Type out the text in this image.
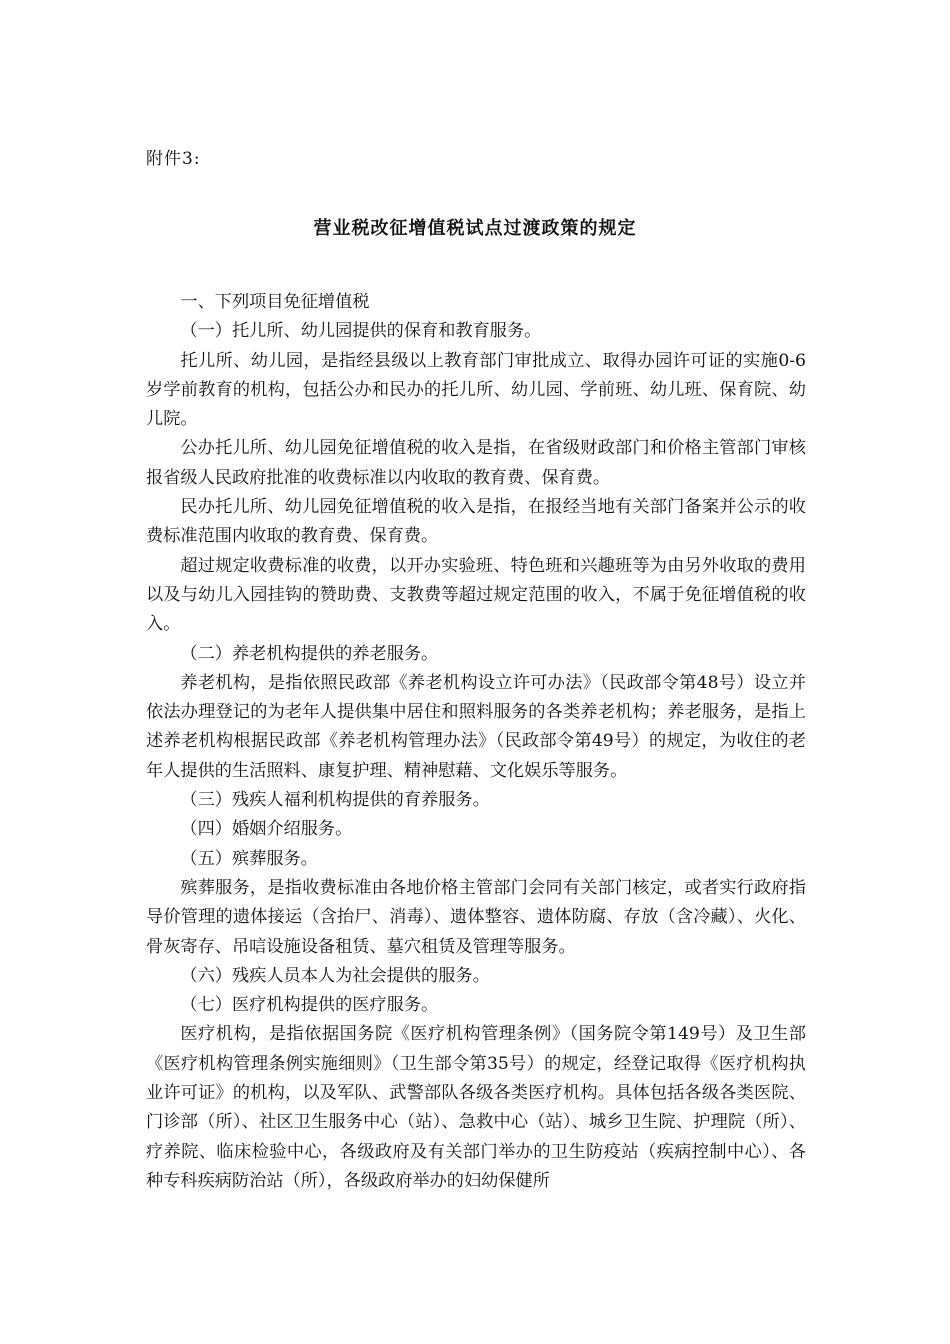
附件3:
营业税改征增值税试点过渡政策的规定

一、下列项目免征增值税

（一）托儿所、幼儿园提供的保育和教育服务。

托儿所、幼儿园，是指经县级以上教育部门审批成立、取得办园许可证的实施0-6岁学前教育的机构，包括公办和民办的托儿所、幼儿园、学前班、幼儿班、保育院、幼儿院。

公办托儿所、幼儿园免征增值税的收入是指，在省级财政部门和价格主管部门审核报省级人民政府批准的收费标准以内收取的教育费、保育费。

民办托儿所、幼儿园免征增值税的收入是指，在报经当地有关部门备案并公示的收费标准范围内收取的教育费、保育费。

超过规定收费标准的收费，以开办实验班、特色班和兴趣班等为由另外收取的费用以及与幼儿入园挂钩的赞助费、支教费等超过规定范围的收入，不属于免征增值税的收入。

（二）养老机构提供的养老服务。

养老机构，是指依照民政部《养老机构设立许可办法》（民政部令第48号）设立并依法办理登记的为老年人提供集中居住和照料服务的各类养老机构；养老服务，是指上述养老机构根据民政部《养老机构管理办法》（民政部令第49号）的规定，为收住的老年人提供的生活照料、康复护理、精神慰藉、文化娱乐等服务。

（三）残疾人福利机构提供的育养服务。

（四）婚姻介绍服务。

（五）殡葬服务。

殡葬服务，是指收费标准由各地价格主管部门会同有关部门核定，或者实行政府指导价管理的遗体接运（含抬尸、消毒）、遗体整容、遗体防腐、存放（含冷藏）、火化、骨灰寄存、吊唁设施设备租赁、墓穴租赁及管理等服务。

（六）残疾人员本人为社会提供的服务。

（七）医疗机构提供的医疗服务。

医疗机构，是指依据国务院《医疗机构管理条例》（国务院令第149号）及卫生部《医疗机构管理条例实施细则》（卫生部令第35号）的规定，经登记取得《医疗机构执业许可证》的机构，以及军队、武警部队各级各类医疗机构。具体包括各级各类医院、门诊部（所）、社区卫生服务中心（站）、急救中心（站）、城乡卫生院、护理院（所）、疗养院、临床检验中心，各级政府及有关部门举办的卫生防疫站（疾病控制中心）、各种专科疾病防治站（所），各级政府举办的妇幼保健所
